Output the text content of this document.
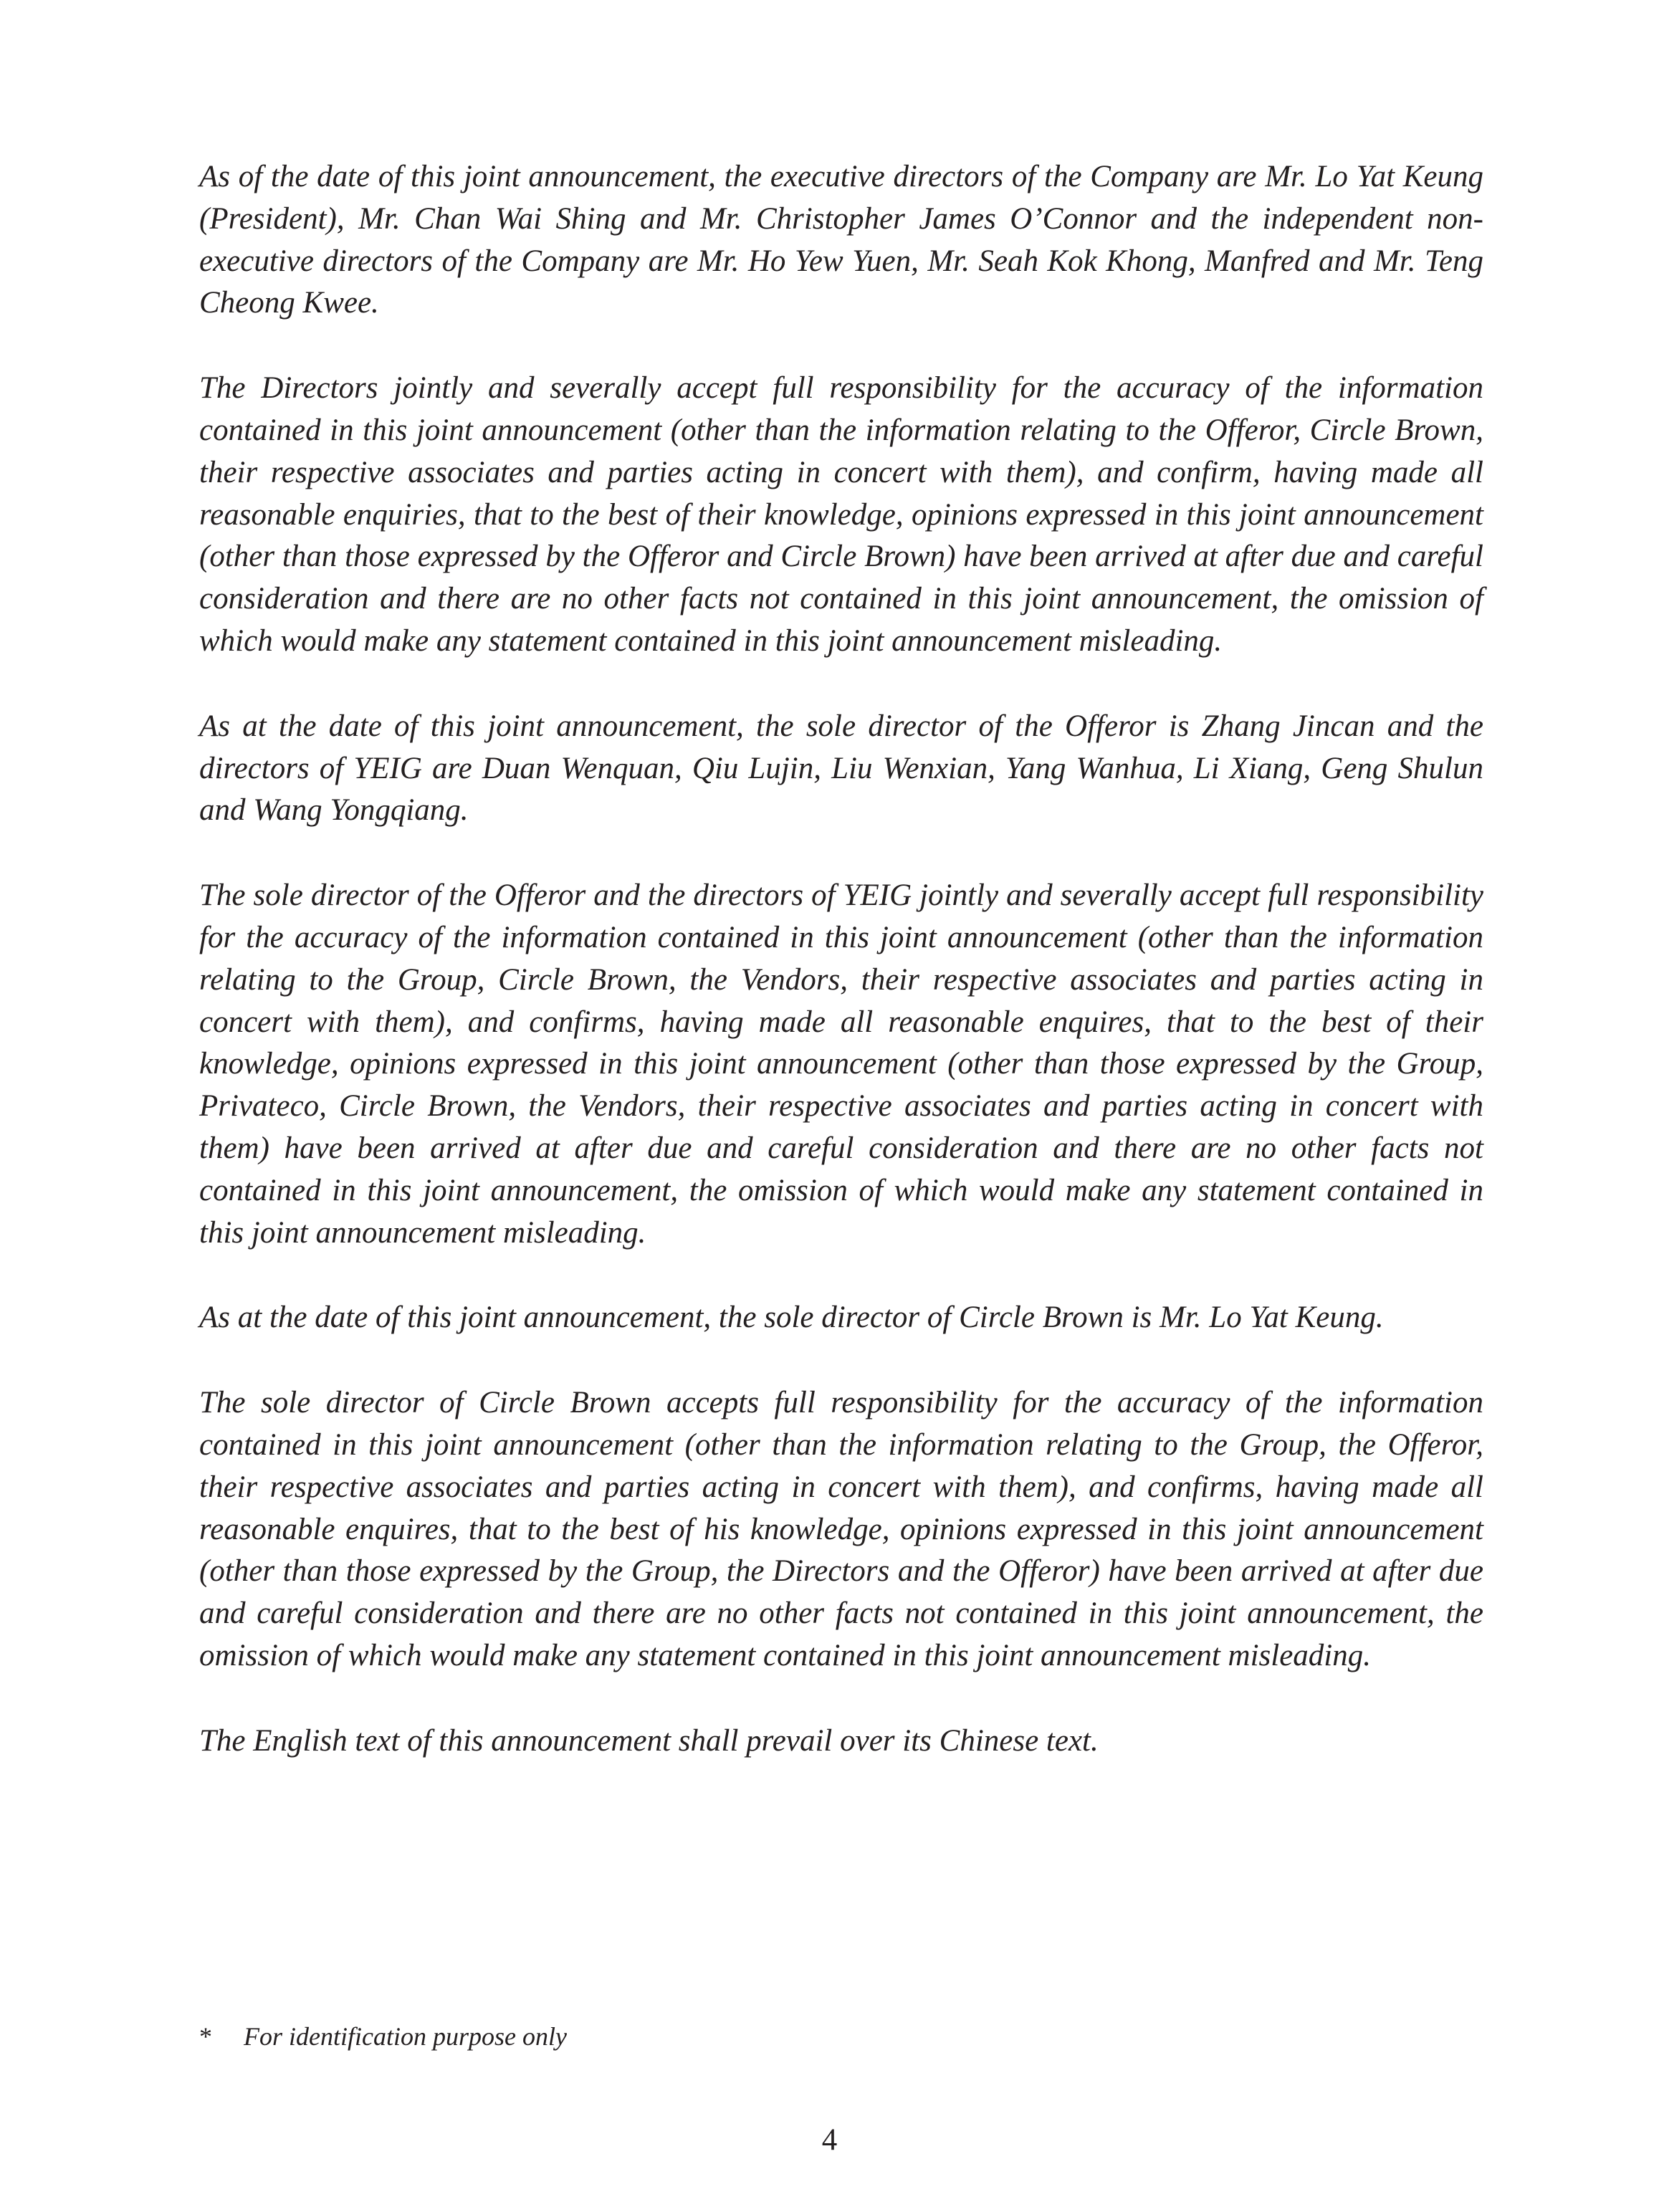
As of the date of this joint announcement, the executive directors of the Company are Mr. Lo Yat Keung (President), Mr. Chan Wai Shing and Mr. Christopher James O’Connor and the independent non-executive directors of the Company are Mr. Ho Yew Yuen, Mr. Seah Kok Khong, Manfred and Mr. Teng Cheong Kwee.

The Directors jointly and severally accept full responsibility for the accuracy of the information contained in this joint announcement (other than the information relating to the Offeror, Circle Brown, their respective associates and parties acting in concert with them), and confirm, having made all reasonable enquiries, that to the best of their knowledge, opinions expressed in this joint announcement (other than those expressed by the Offeror and Circle Brown) have been arrived at after due and careful consideration and there are no other facts not contained in this joint announcement, the omission of which would make any statement contained in this joint announcement misleading.

As at the date of this joint announcement, the sole director of the Offeror is Zhang Jincan and the directors of YEIG are Duan Wenquan, Qiu Lujin, Liu Wenxian, Yang Wanhua, Li Xiang, Geng Shulun and Wang Yongqiang.

The sole director of the Offeror and the directors of YEIG jointly and severally accept full responsibility for the accuracy of the information contained in this joint announcement (other than the information relating to the Group, Circle Brown, the Vendors, their respective associates and parties acting in concert with them), and confirms, having made all reasonable enquires, that to the best of their knowledge, opinions expressed in this joint announcement (other than those expressed by the Group, Privateco, Circle Brown, the Vendors, their respective associates and parties acting in concert with them) have been arrived at after due and careful consideration and there are no other facts not contained in this joint announcement, the omission of which would make any statement contained in this joint announcement misleading.

As at the date of this joint announcement, the sole director of Circle Brown is Mr. Lo Yat Keung.

The sole director of Circle Brown accepts full responsibility for the accuracy of the information contained in this joint announcement (other than the information relating to the Group, the Offeror, their respective associates and parties acting in concert with them), and confirms, having made all reasonable enquires, that to the best of his knowledge, opinions expressed in this joint announcement (other than those expressed by the Group, the Directors and the Offeror) have been arrived at after due and careful consideration and there are no other facts not contained in this joint announcement, the omission of which would make any statement contained in this joint announcement misleading.

The English text of this announcement shall prevail over its Chinese text.

* For identification purpose only
4
